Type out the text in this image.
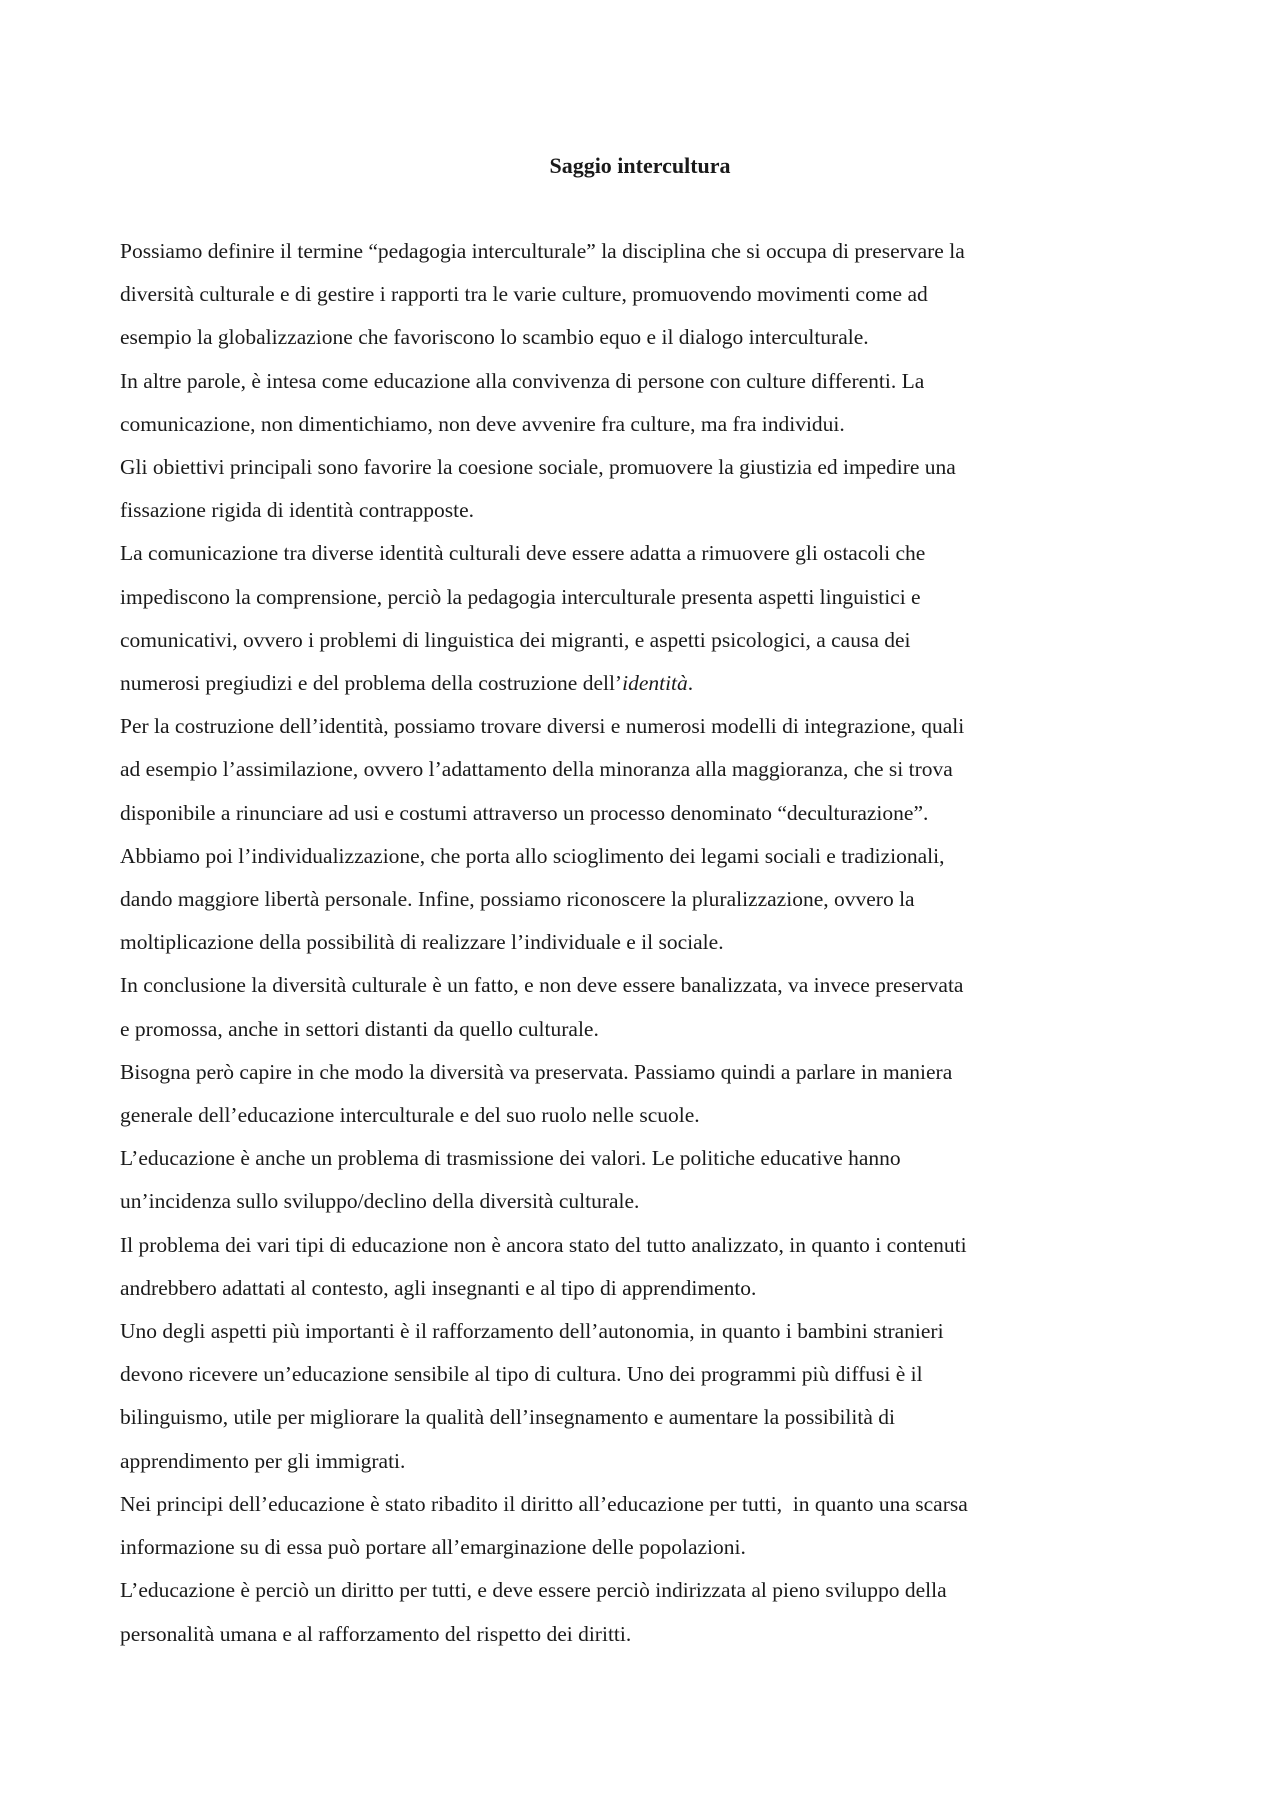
Saggio intercultura

Possiamo definire il termine “pedagogia interculturale” la disciplina che si occupa di preservare la
diversità culturale e di gestire i rapporti tra le varie culture, promuovendo movimenti come ad
esempio la globalizzazione che favoriscono lo scambio equo e il dialogo interculturale.

In altre parole, è intesa come educazione alla convivenza di persone con culture differenti. La
comunicazione, non dimentichiamo, non deve avvenire fra culture, ma fra individui.

Gli obiettivi principali sono favorire la coesione sociale, promuovere la giustizia ed impedire una
fissazione rigida di identità contrapposte.

La comunicazione tra diverse identità culturali deve essere adatta a rimuovere gli ostacoli che
impediscono la comprensione, perciò la pedagogia interculturale presenta aspetti linguistici e
comunicativi, ovvero i problemi di linguistica dei migranti, e aspetti psicologici, a causa dei
numerosi pregiudizi e del problema della costruzione dell’identità.

Per la costruzione dell’identità, possiamo trovare diversi e numerosi modelli di integrazione, quali
ad esempio l’assimilazione, ovvero l’adattamento della minoranza alla maggioranza, che si trova
disponibile a rinunciare ad usi e costumi attraverso un processo denominato “deculturazione”.

Abbiamo poi l’individualizzazione, che porta allo scioglimento dei legami sociali e tradizionali,
dando maggiore libertà personale. Infine, possiamo riconoscere la pluralizzazione, ovvero la
moltiplicazione della possibilità di realizzare l’individuale e il sociale.

In conclusione la diversità culturale è un fatto, e non deve essere banalizzata, va invece preservata
e promossa, anche in settori distanti da quello culturale.

Bisogna però capire in che modo la diversità va preservata. Passiamo quindi a parlare in maniera
generale dell’educazione interculturale e del suo ruolo nelle scuole.

L’educazione è anche un problema di trasmissione dei valori. Le politiche educative hanno
un’incidenza sullo sviluppo/declino della diversità culturale.

Il problema dei vari tipi di educazione non è ancora stato del tutto analizzato, in quanto i contenuti
andrebbero adattati al contesto, agli insegnanti e al tipo di apprendimento.

Uno degli aspetti più importanti è il rafforzamento dell’autonomia, in quanto i bambini stranieri
devono ricevere un’educazione sensibile al tipo di cultura. Uno dei programmi più diffusi è il
bilinguismo, utile per migliorare la qualità dell’insegnamento e aumentare la possibilità di
apprendimento per gli immigrati.

Nei principi dell’educazione è stato ribadito il diritto all’educazione per tutti,  in quanto una scarsa
informazione su di essa può portare all’emarginazione delle popolazioni.

L’educazione è perciò un diritto per tutti, e deve essere perciò indirizzata al pieno sviluppo della
personalità umana e al rafforzamento del rispetto dei diritti.
